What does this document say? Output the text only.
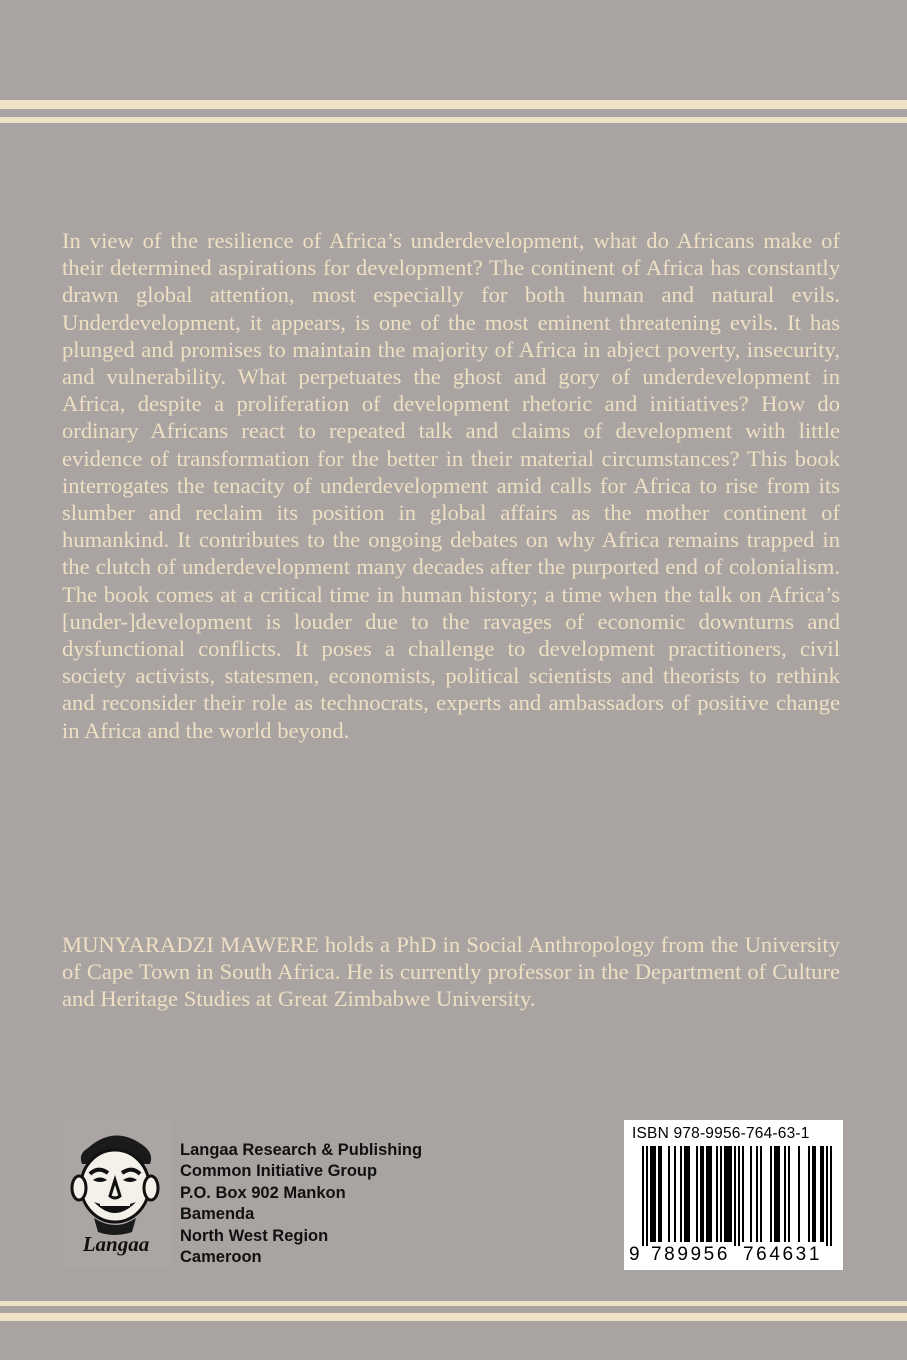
In view of the resilience of Africa’s underdevelopment, what do Africans make of their determined aspirations for development? The continent of Africa has constantly drawn global attention, most especially for both human and natural evils. Underdevelopment, it appears, is one of the most eminent threatening evils. It has plunged and promises to maintain the majority of Africa in abject poverty, insecurity, and vulnerability. What perpetuates the ghost and gory of underdevelopment in Africa, despite a proliferation of development rhetoric and initiatives? How do ordinary Africans react to repeated talk and claims of development with little evidence of transformation for the better in their material circumstances? This book interrogates the tenacity of underdevelopment amid calls for Africa to rise from its slumber and reclaim its position in global affairs as the mother continent of humankind. It contributes to the ongoing debates on why Africa remains trapped in the clutch of underdevelopment many decades after the purported end of colonialism. The book comes at a critical time in human history; a time when the talk on Africa’s [under-]development is louder due to the ravages of economic downturns and dysfunctional conflicts. It poses a challenge to development practitioners, civil society activists, statesmen, economists, political scientists and theorists to rethink and reconsider their role as technocrats, experts and ambassadors of positive change in Africa and the world beyond.

MUNYARADZI MAWERE holds a PhD in Social Anthropology from the University of Cape Town in South Africa. He is currently professor in the Department of Culture and Heritage Studies at Great Zimbabwe University.

Langaa
Langaa Research & Publishing
Common Initiative Group
P.O. Box 902 Mankon
Bamenda
North West Region
Cameroon
ISBN 978-9956-764-63-1
9 789956 764631
